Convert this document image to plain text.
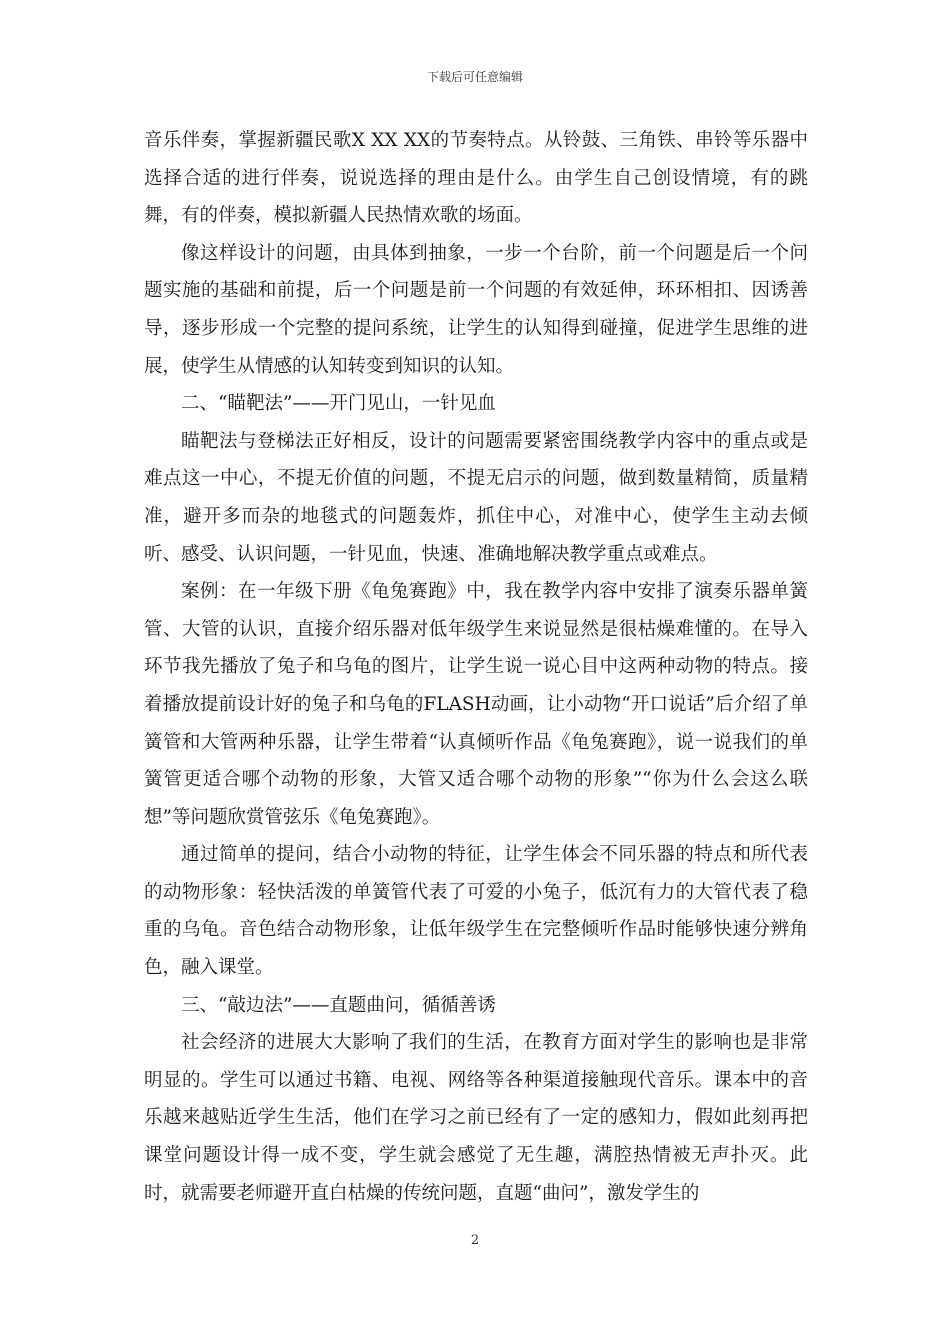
下载后可任意编辑

音乐伴奏，掌握新疆民歌X XX XX的节奏特点。从铃鼓、三角铁、串铃等乐器中选择合适的进行伴奏，说说选择的理由是什么。由学生自己创设情境，有的跳舞，有的伴奏，模拟新疆人民热情欢歌的场面。

像这样设计的问题，由具体到抽象，一步一个台阶，前一个问题是后一个问题实施的基础和前提，后一个问题是前一个问题的有效延伸，环环相扣、因诱善导，逐步形成一个完整的提问系统，让学生的认知得到碰撞，促进学生思维的进展，使学生从情感的认知转变到知识的认知。

二、“瞄靶法”——开门见山，一针见血

瞄靶法与登梯法正好相反，设计的问题需要紧密围绕教学内容中的重点或是难点这一中心，不提无价值的问题，不提无启示的问题，做到数量精简，质量精准，避开多而杂的地毯式的问题轰炸，抓住中心，对准中心，使学生主动去倾听、感受、认识问题，一针见血，快速、准确地解决教学重点或难点。

案例：在一年级下册《龟兔赛跑》中，我在教学内容中安排了演奏乐器单簧管、大管的认识，直接介绍乐器对低年级学生来说显然是很枯燥难懂的。在导入环节我先播放了兔子和乌龟的图片，让学生说一说心目中这两种动物的特点。接着播放提前设计好的兔子和乌龟的FLASH动画，让小动物“开口说话”后介绍了单簧管和大管两种乐器，让学生带着“认真倾听作品《龟兔赛跑》，说一说我们的单簧管更适合哪个动物的形象，大管又适合哪个动物的形象”“你为什么会这么联想”等问题欣赏管弦乐《龟兔赛跑》。

通过简单的提问，结合小动物的特征，让学生体会不同乐器的特点和所代表的动物形象：轻快活泼的单簧管代表了可爱的小兔子，低沉有力的大管代表了稳重的乌龟。音色结合动物形象，让低年级学生在完整倾听作品时能够快速分辨角色，融入课堂。

三、“敲边法”——直题曲问，循循善诱

社会经济的进展大大影响了我们的生活，在教育方面对学生的影响也是非常明显的。学生可以通过书籍、电视、网络等各种渠道接触现代音乐。课本中的音乐越来越贴近学生生活，他们在学习之前已经有了一定的感知力，假如此刻再把课堂问题设计得一成不变，学生就会感觉了无生趣，满腔热情被无声扑灭。此时，就需要老师避开直白枯燥的传统问题，直题“曲问”，激发学生的

2
